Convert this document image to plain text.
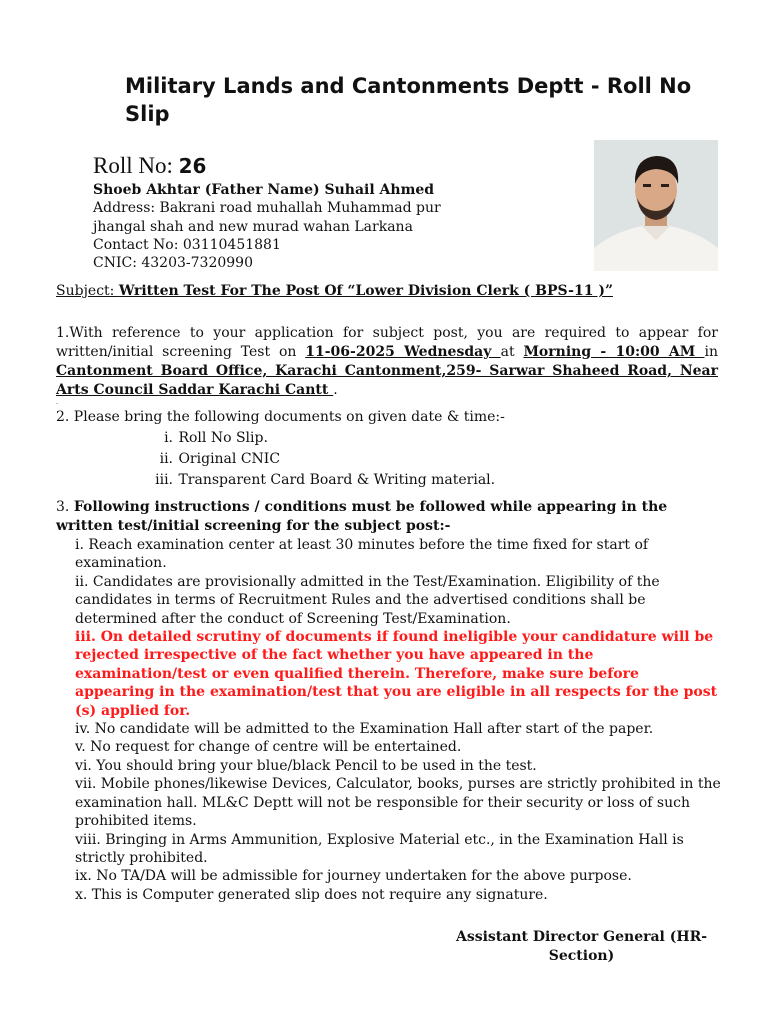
Military Lands and Cantonments Deptt - Roll No Slip
Roll No: 26
Shoeb Akhtar (Father Name) Suhail Ahmed
Address: Bakrani road muhallah Muhammad pur
jhangal shah and new murad wahan Larkana
Contact No: 03110451881
CNIC: 43203-7320990
Subject: Written Test For The Post Of “Lower Division Clerk ( BPS-11 )”

1.With reference to your application for subject post, you are required to appear for written/initial screening Test on 11-06-2025 Wednesday at Morning - 10:00 AM in Cantonment Board Office, Karachi Cantonment,259- Sarwar Shaheed Road, Near Arts Council Saddar Karachi Cantt .

.
2. Please bring the following documents on given date & time:-
i.
Roll No Slip.
ii.
Original CNIC
iii.
Transparent Card Board & Writing material.

3. Following instructions / conditions must be followed while appearing in the written test/initial screening for the subject post:-

i. Reach examination center at least 30 minutes before the time fixed for start of examination.
ii. Candidates are provisionally admitted in the Test/Examination. Eligibility of the candidates in terms of Recruitment Rules and the advertised conditions shall be determined after the conduct of Screening Test/Examination.
iii. On detailed scrutiny of documents if found ineligible your candidature will be rejected irrespective of the fact whether you have appeared in the examination/test or even qualified therein. Therefore, make sure before appearing in the examination/test that you are eligible in all respects for the post (s) applied for.
iv. No candidate will be admitted to the Examination Hall after start of the paper.
v. No request for change of centre will be entertained.
vi. You should bring your blue/black Pencil to be used in the test.
vii. Mobile phones/likewise Devices, Calculator, books, purses are strictly prohibited in the examination hall. ML&C Deptt will not be responsible for their security or loss of such prohibited items.
viii. Bringing in Arms Ammunition, Explosive Material etc., in the Examination Hall is strictly prohibited.
ix. No TA/DA will be admissible for journey undertaken for the above purpose.
x. This is Computer generated slip does not require any signature.
Assistant Director General (HR-
Section)
